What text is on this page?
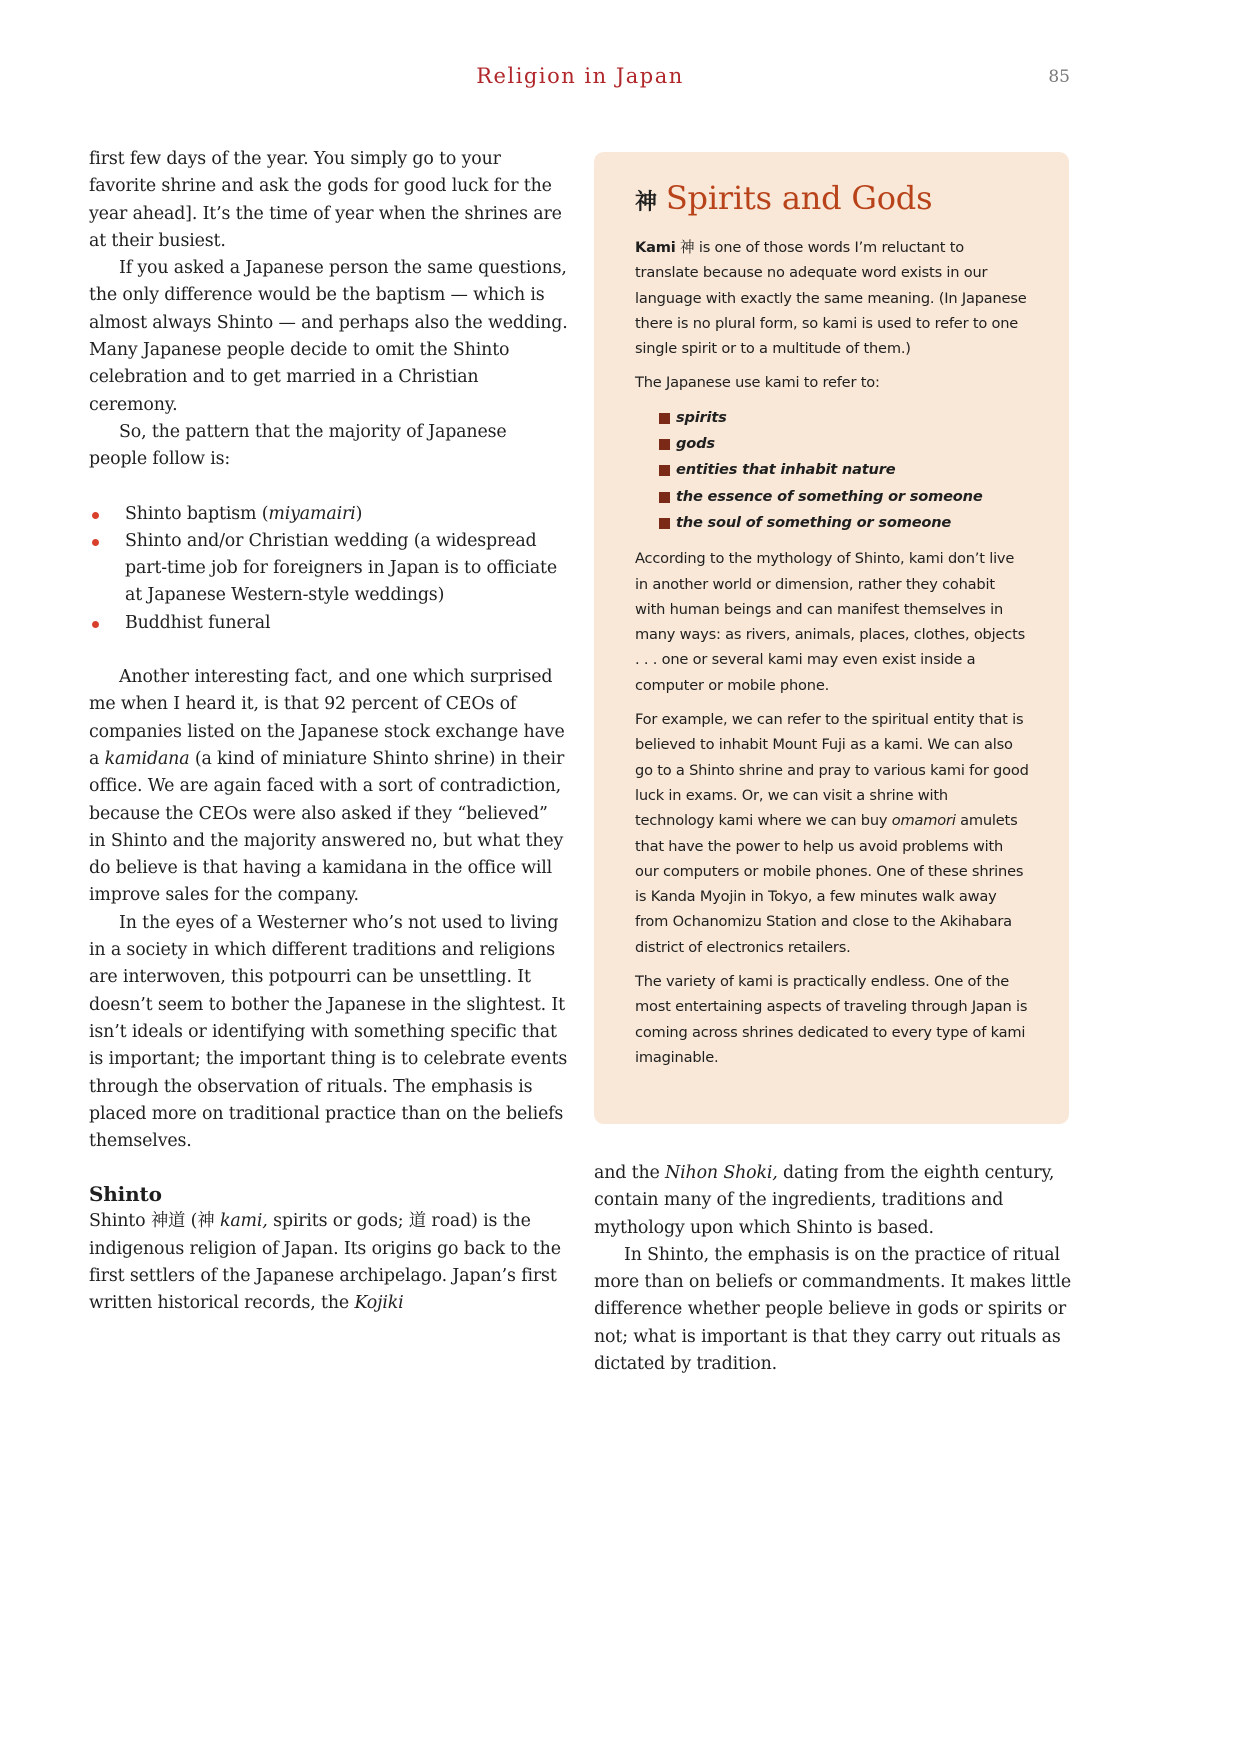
Religion in Japan	85

first few days of the year. You simply go to your favorite shrine and ask the gods for good luck for the year ahead]. It’s the time of year when the shrines are at their busiest.

If you asked a Japanese person the same questions, the only difference would be the baptism — which is almost always Shinto — and perhaps also the wedding. Many Japanese people decide to omit the Shinto celebration and to get married in a Christian ceremony.

So, the pattern that the majority of Japanese people follow is:

Shinto baptism (miyamairi)
Shinto and/or Christian wedding (a widespread part-time job for foreigners in Japan is to officiate at Japanese Western-style weddings)
Buddhist funeral

Another interesting fact, and one which surprised me when I heard it, is that 92 percent of CEOs of companies listed on the Japanese stock exchange have a kamidana (a kind of miniature Shinto shrine) in their office. We are again faced with a sort of contradiction, because the CEOs were also asked if they “believed” in Shinto and the majority answered no, but what they do believe is that having a kamidana in the office will improve sales for the company.

In the eyes of a Westerner who’s not used to living in a society in which different traditions and religions are interwoven, this potpourri can be unsettling. It doesn’t seem to bother the Japanese in the slightest. It isn’t ideals or identifying with something specific that is important; the important thing is to celebrate events through the observation of rituals. The emphasis is placed more on traditional practice than on the beliefs themselves.

Shinto

Shinto 神道 (神 kami, spirits or gods; 道 road) is the indigenous religion of Japan. Its origins go back to the first settlers of the Japanese archipelago. Japan’s first written historical records, the Kojiki

神 Spirits and Gods

Kami 神 is one of those words I’m reluctant to translate because no adequate word exists in our language with exactly the same meaning. (In Japanese there is no plural form, so kami is used to refer to one single spirit or to a multitude of them.)

The Japanese use kami to refer to:

spirits
gods
entities that inhabit nature
the essence of something or someone
the soul of something or someone

According to the mythology of Shinto, kami don’t live in another world or dimension, rather they cohabit with human beings and can manifest themselves in many ways: as rivers, animals, places, clothes, objects . . . one or several kami may even exist inside a computer or mobile phone.

For example, we can refer to the spiritual entity that is believed to inhabit Mount Fuji as a kami. We can also go to a Shinto shrine and pray to various kami for good luck in exams. Or, we can visit a shrine with technology kami where we can buy omamori amulets that have the power to help us avoid problems with our computers or mobile phones. One of these shrines is Kanda Myojin in Tokyo, a few minutes walk away from Ochanomizu Station and close to the Akihabara district of electronics retailers.

The variety of kami is practically endless. One of the most entertaining aspects of traveling through Japan is coming across shrines dedicated to every type of kami imaginable.

and the Nihon Shoki, dating from the eighth century, contain many of the ingredients, traditions and mythology upon which Shinto is based.

In Shinto, the emphasis is on the practice of ritual more than on beliefs or commandments. It makes little difference whether people believe in gods or spirits or not; what is important is that they carry out rituals as dictated by tradition.
